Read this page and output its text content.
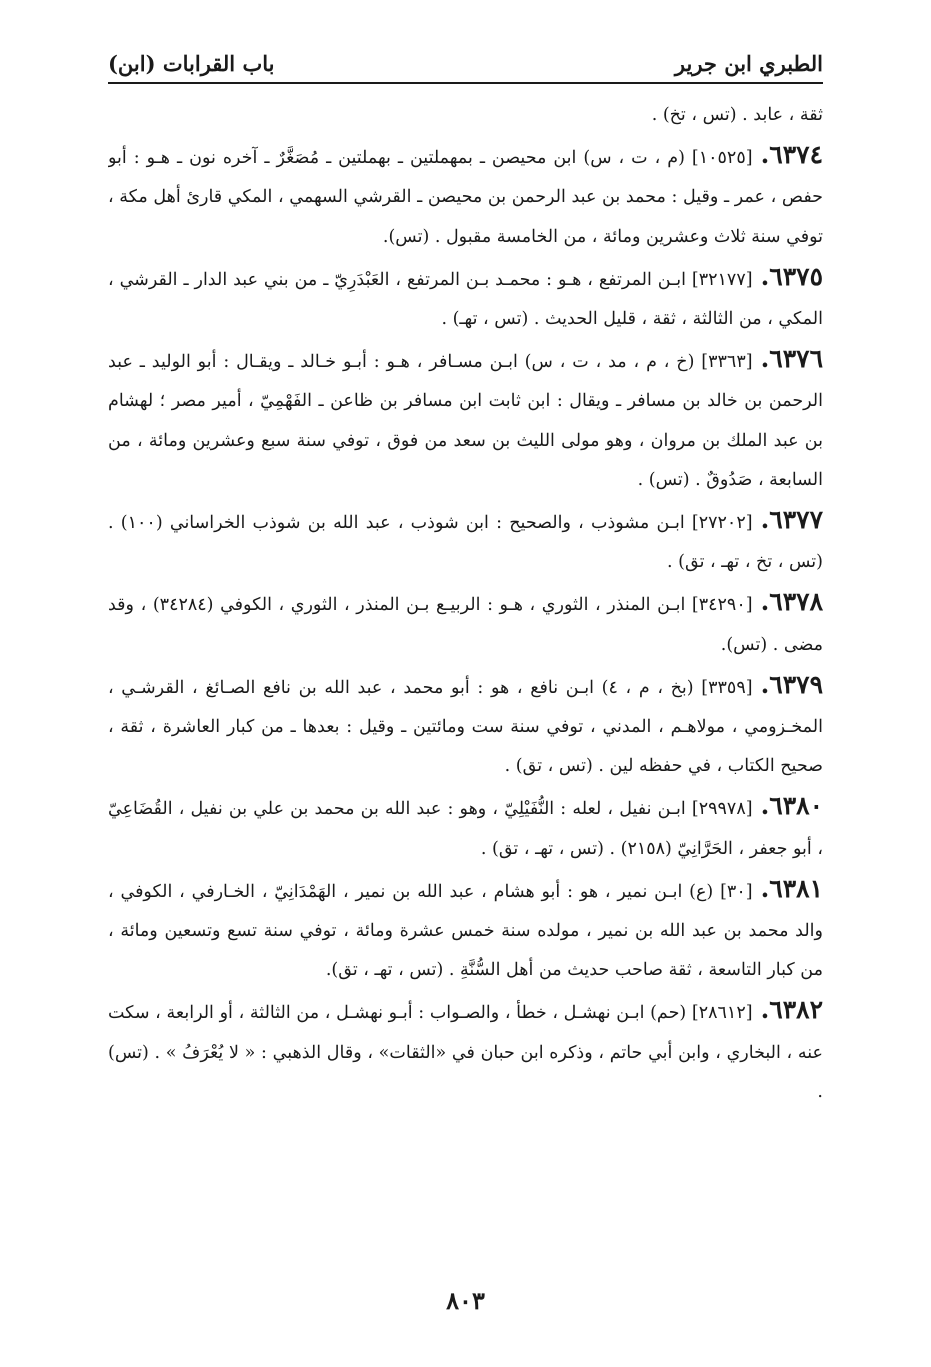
الطبري ابن جرير
باب القرابات (ابن)

ثقة ، عابد . (تس ، تخ) .

٦٣٧٤.[١٠٥٢٥] (م ، ت ، س) ابن محيصن ـ بمهملتين ـ بهملتين ـ مُصَغَّرٌ ـ آخره نون ـ هـو : أبو حفص ، عمر ـ وقيل : محمد بن عبد الرحمن بن محيصن ـ القرشي السهمي ، المكي قارئ أهل مكة ، توفي سنة ثلاث وعشرين ومائة ، من الخامسة مقبول . (تس).

٦٣٧٥.[٣٢١٧٧] ابـن المرتفع ، هـو : محمـد بـن المرتفع ، العَبْدَرِيّ ـ من بني عبد الدار ـ القرشي ، المكي ، من الثالثة ، ثقة ، قليل الحديث . (تس ، تهـ) .

٦٣٧٦.[٣٣٦٣] (خ ، م ، مد ، ت ، س) ابـن مسـافر ، هـو : أبـو خـالد ـ ويقـال : أبو الوليد ـ عبد الرحمن بن خالد بن مسافر ـ ويقال : ابن ثابت ابن مسافر بن ظاعن ـ الفَهْمِيّ ، أمير مصر ؛ لهشام بن عبد الملك بن مروان ، وهو مولى الليث بن سعد من فوق ، توفي سنة سبع وعشرين ومائة ، من السابعة ، صَدُوقٌ . (تس) .

٦٣٧٧.[٢٧٢٠٢] ابـن مشوذب ، والصحيح : ابن شوذب ، عبد الله بن شوذب الخراساني (١٠٠) . (تس ، تخ ، تهـ ، تق) .

٦٣٧٨.[٣٤٢٩٠] ابـن المنذر ، الثوري ، هـو : الربيـع بـن المنذر ، الثوري ، الكوفي (٣٤٢٨٤) ، وقد مضى . (تس).

٦٣٧٩.[٣٣٥٩] (بخ ، م ، ٤) ابـن نافع ، هو : أبو محمد ، عبد الله بن نافع الصـائغ ، القرشـي ، المخـزومي ، مولاهـم ، المدني ، توفي سنة ست ومائتين ـ وقيل : بعدها ـ من كبار العاشرة ، ثقة ، صحيح الكتاب ، في حفظه لين . (تس ، تق) .

٦٣٨٠.[٢٩٩٧٨] ابـن نفيل ، لعله : النُّفَيْلِيّ ، وهو : عبد الله بن محمد بن علي بن نفيل ، القُضَاعِيّ ، أبو جعفر ، الحَرَّانِيّ (٢١٥٨) . (تس ، تهـ ، تق) .

٦٣٨١.[٣٠] (ع) ابـن نمير ، هو : أبو هشام ، عبد الله بن نمير ، الهَمْدَانِيّ ، الخـارفي ، الكوفي ، والد محمد بن عبد الله بن نمير ، مولده سنة خمس عشرة ومائة ، توفي سنة تسع وتسعين ومائة ، من كبار التاسعة ، ثقة صاحب حديث من أهل السُّنَّةِ . (تس ، تهـ ، تق).

٦٣٨٢.[٢٨٦١٢] (حم) ابـن نهشـل ، خطأ ، والصـواب : أبـو نهشـل ، من الثالثة ، أو الرابعة ، سكت عنه ، البخاري ، وابن أبي حاتم ، وذكره ابن حبان في «الثقات» ، وقال الذهبي : « لا يُعْرَفُ » . (تس) .

٨٠٣
